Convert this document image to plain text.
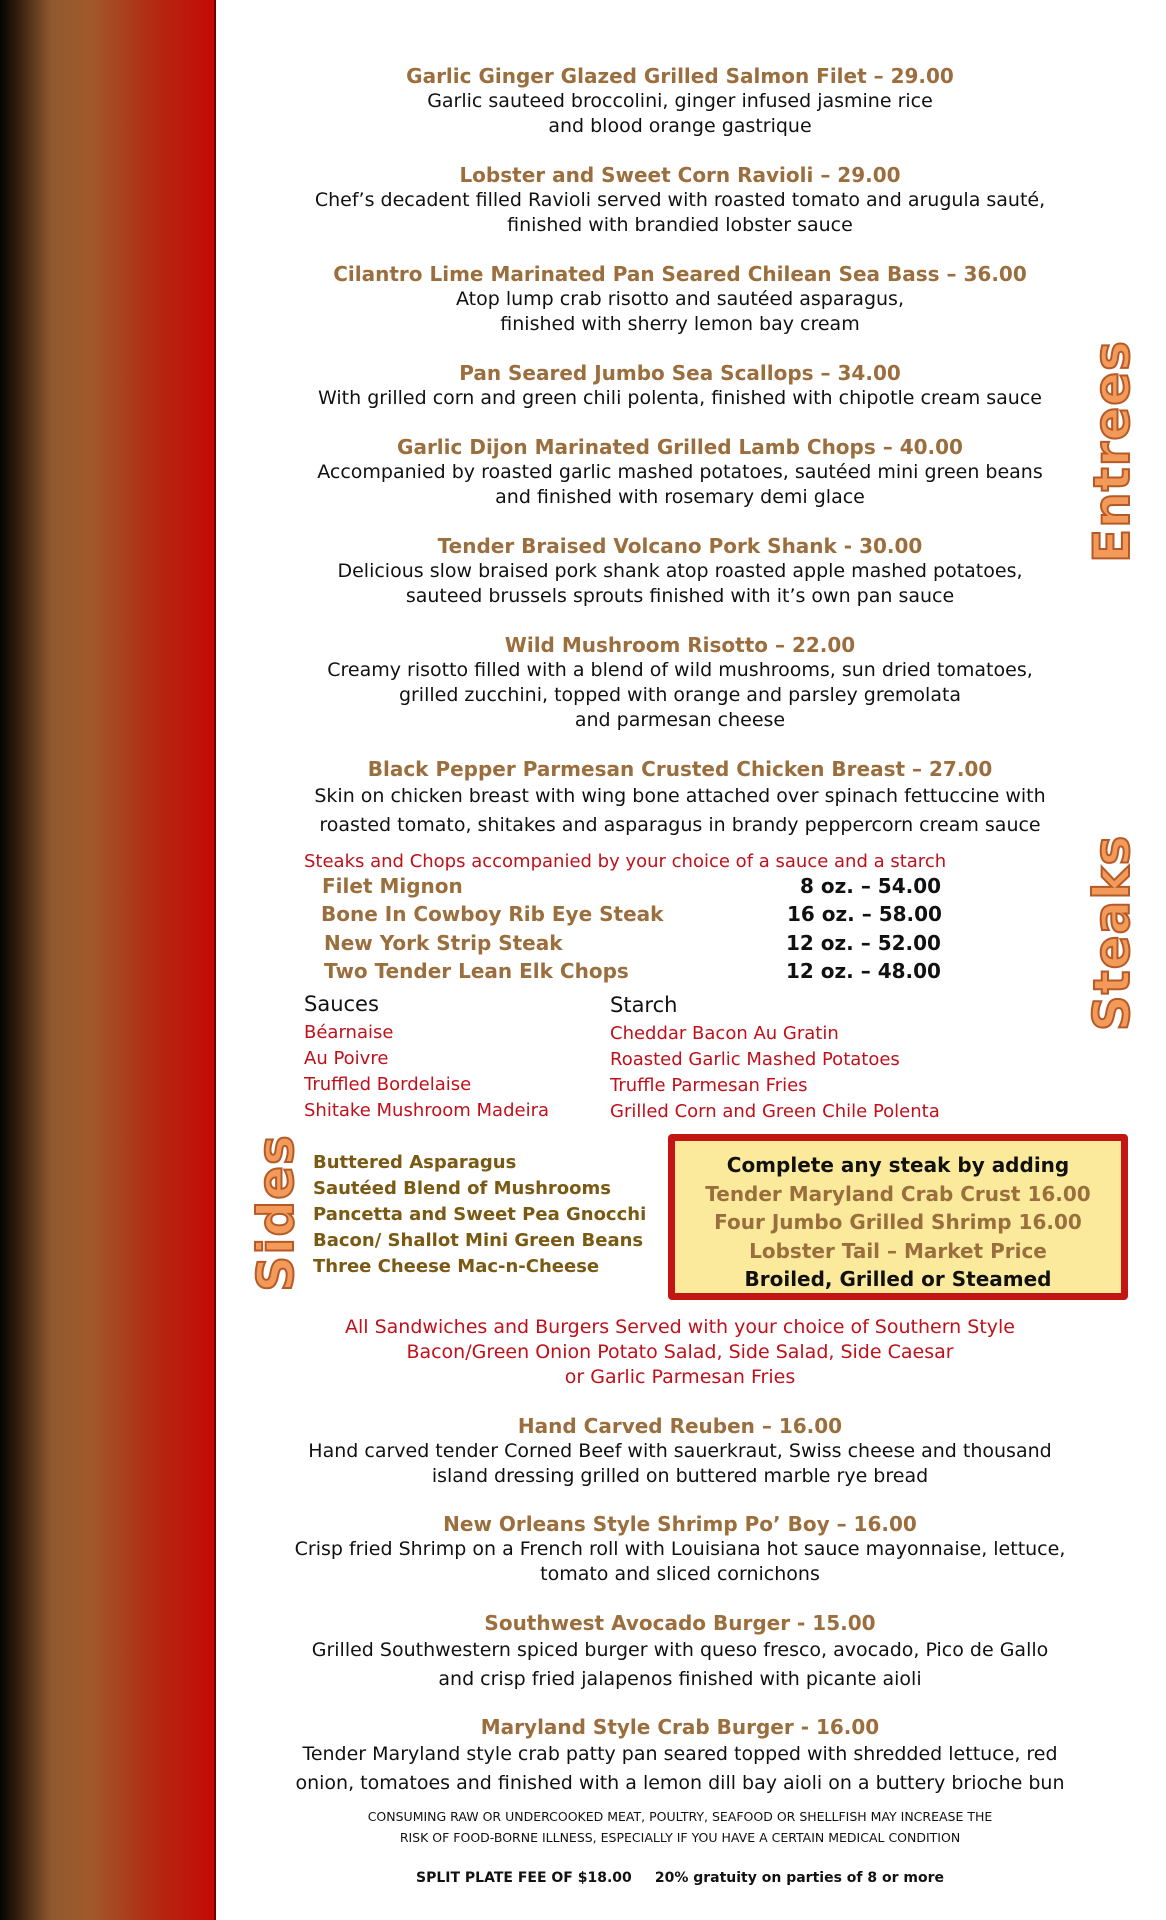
Entrees
Steaks
Sides
Garlic Ginger Glazed Grilled Salmon Filet – 29.00
Garlic sauteed broccolini, ginger infused jasmine rice
and blood orange gastrique
Lobster and Sweet Corn Ravioli – 29.00
Chef’s decadent filled Ravioli served with roasted tomato and arugula sauté,
finished with brandied lobster sauce
Cilantro Lime Marinated Pan Seared Chilean Sea Bass – 36.00
Atop lump crab risotto and sautéed asparagus,
finished with sherry lemon bay cream
Pan Seared Jumbo Sea Scallops – 34.00
With grilled corn and green chili polenta, finished with chipotle cream sauce
Garlic Dijon Marinated Grilled Lamb Chops – 40.00
Accompanied by roasted garlic mashed potatoes, sautéed mini green beans
and finished with rosemary demi glace
Tender Braised Volcano Pork Shank - 30.00
Delicious slow braised pork shank atop roasted apple mashed potatoes,
sauteed brussels sprouts finished with it’s own pan sauce
Wild Mushroom Risotto – 22.00
Creamy risotto filled with a blend of wild mushrooms, sun dried tomatoes,
grilled zucchini, topped with orange and parsley gremolata
and parmesan cheese
Black Pepper Parmesan Crusted Chicken Breast – 27.00
Skin on chicken breast with wing bone attached over spinach fettuccine with
roasted tomato, shitakes and asparagus in brandy peppercorn cream sauce
Steaks and Chops accompanied by your choice of a sauce and a starch
Filet Mignon	8 oz. – 54.00
Bone In Cowboy Rib Eye Steak	16 oz. – 58.00
New York Strip Steak	12 oz. – 52.00
Two Tender Lean Elk Chops	12 oz. – 48.00
Sauces
Béarnaise
Au Poivre
Truffled Bordelaise
Shitake Mushroom Madeira
Starch
Cheddar Bacon Au Gratin
Roasted Garlic Mashed Potatoes
Truffle Parmesan Fries
Grilled Corn and Green Chile Polenta
Buttered Asparagus
Sautéed Blend of Mushrooms
Pancetta and Sweet Pea Gnocchi
Bacon/ Shallot Mini Green Beans
Three Cheese Mac-n-Cheese
Complete any steak by adding
Tender Maryland Crab Crust 16.00
Four Jumbo Grilled Shrimp 16.00
Lobster Tail – Market Price
Broiled, Grilled or Steamed
All Sandwiches and Burgers Served with your choice of Southern Style
Bacon/Green Onion Potato Salad, Side Salad, Side Caesar
or Garlic Parmesan Fries
Hand Carved Reuben – 16.00
Hand carved tender Corned Beef with sauerkraut, Swiss cheese and thousand
island dressing grilled on buttered marble rye bread
New Orleans Style Shrimp Po’ Boy – 16.00
Crisp fried Shrimp on a French roll with Louisiana hot sauce mayonnaise, lettuce,
tomato and sliced cornichons
Southwest Avocado Burger - 15.00
Grilled Southwestern spiced burger with queso fresco, avocado, Pico de Gallo
and crisp fried jalapenos finished with picante aioli
Maryland Style Crab Burger - 16.00
Tender Maryland style crab patty pan seared topped with shredded lettuce, red
onion, tomatoes and finished with a lemon dill bay aioli on a buttery brioche bun
CONSUMING RAW OR UNDERCOOKED MEAT, POULTRY, SEAFOOD OR SHELLFISH MAY INCREASE THE
RISK OF FOOD-BORNE ILLNESS, ESPECIALLY IF YOU HAVE A CERTAIN MEDICAL CONDITION
SPLIT PLATE FEE OF $18.00 20% gratuity on parties of 8 or more
